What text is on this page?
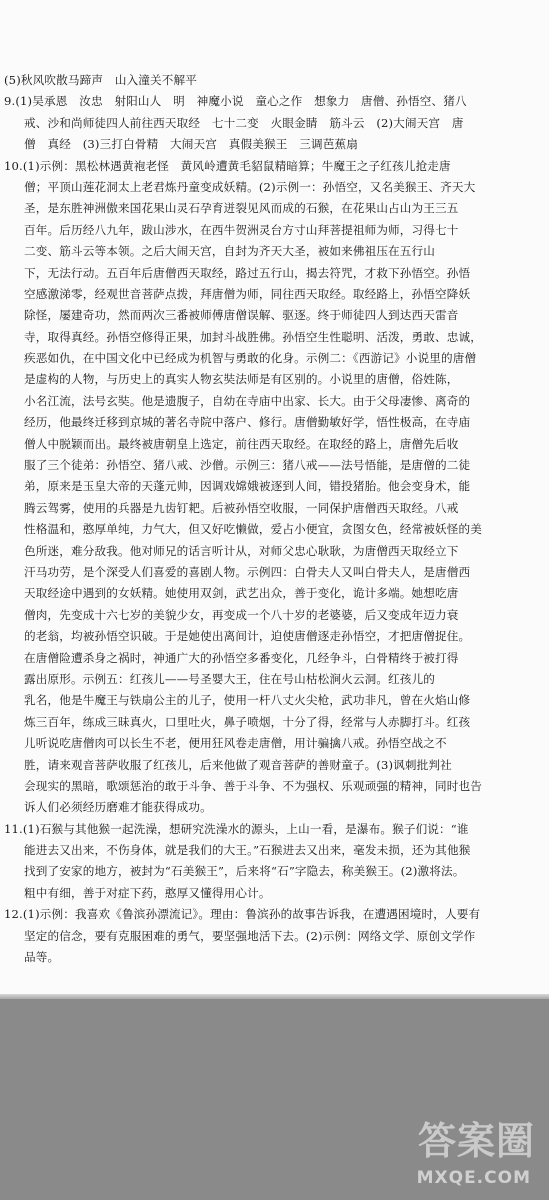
(5)秋风吹散马蹄声　山入潼关不解平
9.(1)吴承恩　汝忠　射阳山人　明　神魔小说　童心之作　想象力　唐僧、孙悟空、猪八
戒、沙和尚师徒四人前往西天取经　七十二变　火眼金睛　筋斗云　(2)大闹天宫　唐
僧　真经　(3)三打白骨精　大闹天宫　真假美猴王　三调芭蕉扇
10.(1)示例：黑松林遇黄袍老怪　黄风岭遭黄毛貂鼠精暗算；牛魔王之子红孩儿抢走唐
僧；平顶山莲花洞太上老君炼丹童变成妖精。(2)示例一：孙悟空，又名美猴王、齐天大
圣，是东胜神洲傲来国花果山灵石孕育迸裂见风而成的石猴，在花果山占山为王三五
百年。后历经八九年，跋山涉水，在西牛贺洲灵台方寸山拜菩提祖师为师，习得七十
二变、筋斗云等本领。之后大闹天宫，自封为齐天大圣，被如来佛祖压在五行山
下，无法行动。五百年后唐僧西天取经，路过五行山，揭去符咒，才救下孙悟空。孙悟
空感激涕零，经观世音菩萨点拨，拜唐僧为师，同往西天取经。取经路上，孙悟空降妖
除怪，屡建奇功，然而两次三番被师傅唐僧误解、驱逐。终于师徒四人到达西天雷音
寺，取得真经。孙悟空修得正果，加封斗战胜佛。孙悟空生性聪明、活泼，勇敢、忠诚，
疾恶如仇，在中国文化中已经成为机智与勇敢的化身。示例二：《西游记》小说里的唐僧
是虚构的人物，与历史上的真实人物玄奘法师是有区别的。小说里的唐僧，俗姓陈，
小名江流，法号玄奘。他是遗腹子，自幼在寺庙中出家、长大。由于父母凄惨、离奇的
经历，他最终迁移到京城的著名寺院中落户、修行。唐僧勤敏好学，悟性极高，在寺庙
僧人中脱颖而出。最终被唐朝皇上选定，前往西天取经。在取经的路上，唐僧先后收
服了三个徒弟：孙悟空、猪八戒、沙僧。示例三：猪八戒——法号悟能，是唐僧的二徒
弟，原来是玉皇大帝的天蓬元帅，因调戏嫦娥被逐到人间，错投猪胎。他会变身术，能
腾云驾雾，使用的兵器是九齿钉耙。后被孙悟空收服，一同保护唐僧西天取经。八戒
性格温和，憨厚单纯，力气大，但又好吃懒做，爱占小便宜，贪图女色，经常被妖怪的美
色所迷，难分敌我。他对师兄的话言听计从，对师父忠心耿耿，为唐僧西天取经立下
汗马功劳，是个深受人们喜爱的喜剧人物。示例四：白骨夫人又叫白骨夫人，是唐僧西
天取经途中遇到的女妖精。她使用双剑，武艺出众，善于变化，诡计多端。她想吃唐
僧肉，先变成十六七岁的美貌少女，再变成一个八十岁的老婆婆，后又变成年迈力衰
的老翁，均被孙悟空识破。于是她使出离间计，迫使唐僧逐走孙悟空，才把唐僧捉住。
在唐僧险遭杀身之祸时，神通广大的孙悟空多番变化，几经争斗，白骨精终于被打得
露出原形。示例五：红孩儿——号圣婴大王，住在号山枯松涧火云洞。红孩儿的
乳名，他是牛魔王与铁扇公主的儿子，使用一杆八丈火尖枪，武功非凡，曾在火焰山修
炼三百年，练成三昧真火，口里吐火，鼻子喷烟，十分了得，经常与人赤脚打斗。红孩
儿听说吃唐僧肉可以长生不老，便用狂风卷走唐僧，用计骗擒八戒。孙悟空战之不
胜，请来观音菩萨收服了红孩儿，后来他做了观音菩萨的善财童子。(3)讽刺批判社
会现实的黑暗，歌颂惩治的敢于斗争、善于斗争、不为强权、乐观顽强的精神，同时也告
诉人们必须经历磨难才能获得成功。
11.(1)石猴与其他猴一起洗澡，想研究洗澡水的源头，上山一看，是瀑布。猴子们说：“谁
能进去又出来，不伤身体，就是我们的大王。”石猴进去又出来，毫发未损，还为其他猴
找到了安家的地方，被封为“石美猴王”，后来将“石”字隐去，称美猴王。(2)激将法。
粗中有细，善于对症下药，憨厚又懂得用心计。
12.(1)示例：我喜欢《鲁滨孙漂流记》。理由：鲁滨孙的故事告诉我，在遭遇困境时，人要有
坚定的信念，要有克服困难的勇气，要坚强地活下去。(2)示例：网络文学、原创文学作
品等。
答案圈
MXQE.COM
